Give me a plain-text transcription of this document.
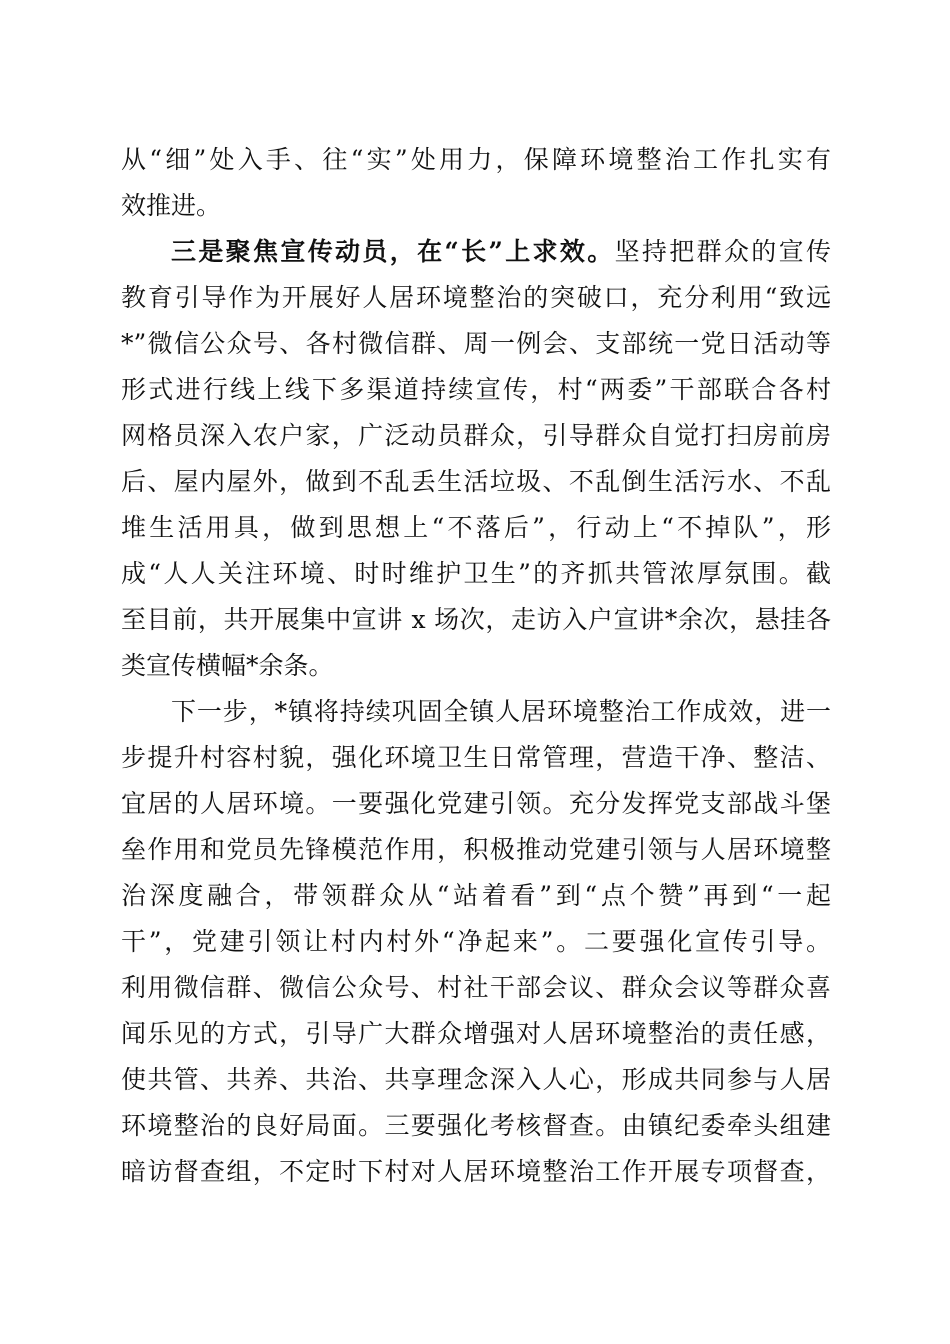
从“细”处入手、往“实”处用力，保障环境整治工作扎实有
效推进。
三是聚焦宣传动员，在“长”上求效。坚持把群众的宣传
教育引导作为开展好人居环境整治的突破口，充分利用“致远
*”微信公众号、各村微信群、周一例会、支部统一党日活动等
形式进行线上线下多渠道持续宣传，村“两委”干部联合各村
网格员深入农户家，广泛动员群众，引导群众自觉打扫房前房
后、屋内屋外，做到不乱丢生活垃圾、不乱倒生活污水、不乱
堆生活用具，做到思想上“不落后”，行动上“不掉队”，形
成“人人关注环境、时时维护卫生”的齐抓共管浓厚氛围。截
至目前，共开展集中宣讲 x 场次，走访入户宣讲*余次，悬挂各
类宣传横幅*余条。
下一步，*镇将持续巩固全镇人居环境整治工作成效，进一
步提升村容村貌，强化环境卫生日常管理，营造干净、整洁、
宜居的人居环境。一要强化党建引领。充分发挥党支部战斗堡
垒作用和党员先锋模范作用，积极推动党建引领与人居环境整
治深度融合，带领群众从“站着看”到“点个赞”再到“一起
干”，党建引领让村内村外“净起来”。二要强化宣传引导。
利用微信群、微信公众号、村社干部会议、群众会议等群众喜
闻乐见的方式，引导广大群众增强对人居环境整治的责任感，
使共管、共养、共治、共享理念深入人心，形成共同参与人居
环境整治的良好局面。三要强化考核督查。由镇纪委牵头组建
暗访督查组，不定时下村对人居环境整治工作开展专项督查，
